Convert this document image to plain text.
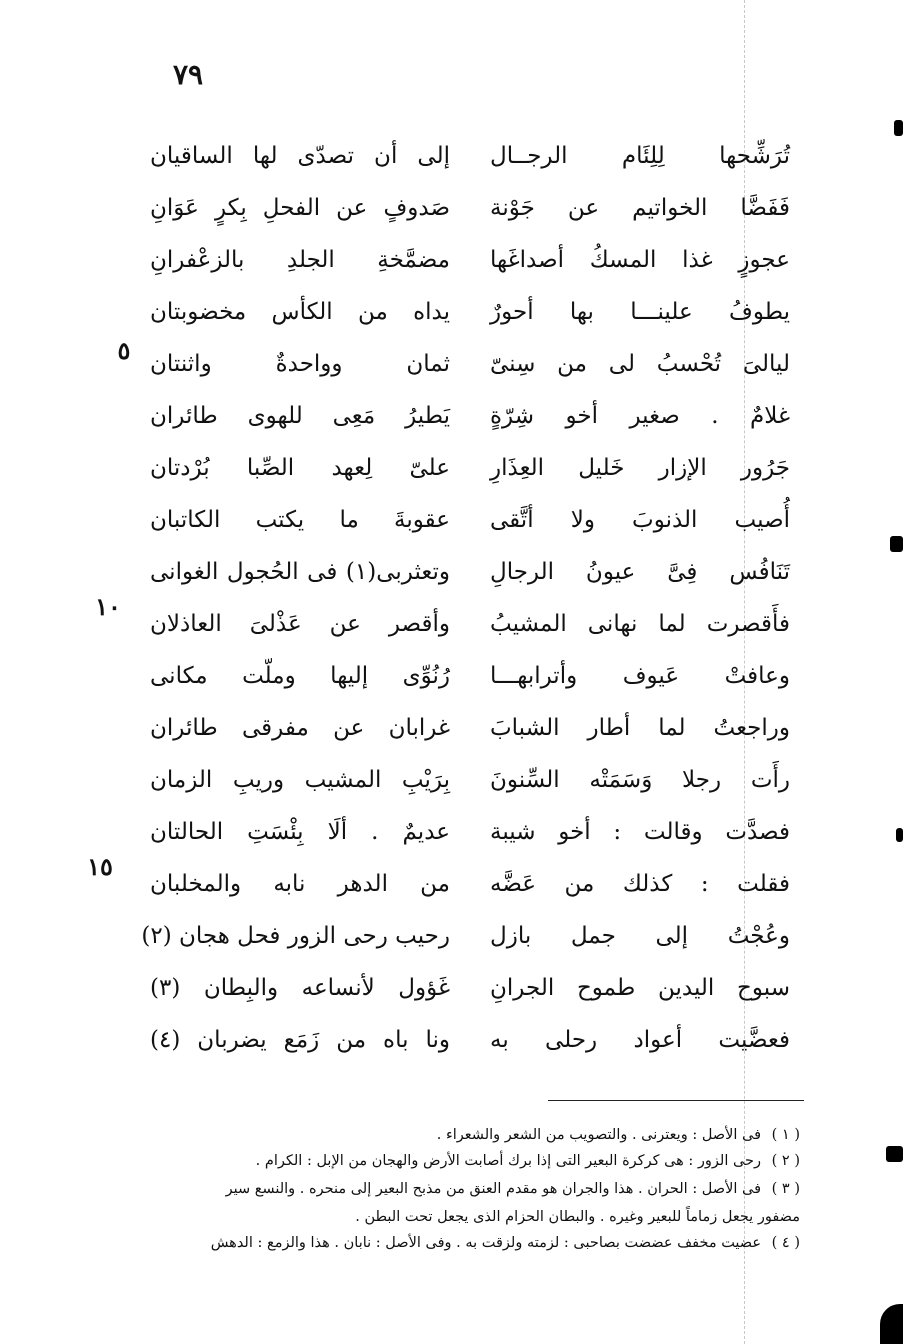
٧٩
تُرَشِّحها لِلِئَام الرجــال
إلى أن تصدّى لها الساقيان
فَفَضَّا الخواتيم عن جَوْنة
صَدوفٍ عن الفحلِ بِكرٍ عَوَانِ
عجوزٍ غذا المسكُ أصداغَها
مضمَّخةِ الجلدِ بالزعْفرانِ
يطوفُ علينـــا بها أحورٌ
يداه من الكأس مخضوبتان
ليالىَ تُحْسبُ لى من سِنىّ
ثمان وواحدةٌ واثنتان
غلامٌ . صغير أخو شِرّةٍ
يَطيرُ مَعِى للهوى طائران
جَرُور الإزار خَليل العِذَارِ
علىّ لِعهد الصِّبا بُرْدتان
أُصيب الذنوبَ ولا أتَّقى
عقوبةَ ما يكتب الكاتبان
تَنَافُس فِىَّ عيونُ الرجالِ
وتعثربى(١) فى الحُجول الغوانى
فأَقصرت لما نهانى المشيبُ
وأقصر عن عَذْلىَ العاذلان
وعافتْ عَيوف وأترابهـــا
رُنُوِّى إليها وملّت مكانى
وراجعتُ لما أطار الشبابَ
غرابان عن مفرقى طائران
رأَت رجلا وَسَمَتْه السِّنونَ
بِرَيْبِ المشيب وريبِ الزمان
فصدَّت وقالت : أخو شيبة
عديمٌ . ألَا بِئْسَتِ الحالتان
فقلت : كذلك من عَضَّه
من الدهر نابه والمخلبان
وعُجْتُ إلى جمل بازل
رحيب رحى الزور فحل هجان (٢)
سبوح اليدين طموح الجرانِ
غَؤول لأنساعه والبِطان (٣)
فعضَّيت أعواد رحلى به
ونا باه من زَمَع يضربان (٤)
٥
١٠
١٥
( ١ ) فى الأصل : ويعترنى . والتصويب من الشعر والشعراء .
( ٢ ) رحى الزور : هى كركرة البعير التى إذا برك أصابت الأرض والهجان من الإبل : الكرام .
( ٣ ) فى الأصل : الحران . هذا والجران هو مقدم العنق من مذبح البعير إلى منحره . والنسع سير
مضفور يجعل زماماً للبعير وغيره . والبطان الحزام الذى يجعل تحت البطن .
( ٤ ) عضيت مخفف عضضت بصاحبى : لزمته ولزقت به . وفى الأصل : نابان . هذا والزمع : الدهش
